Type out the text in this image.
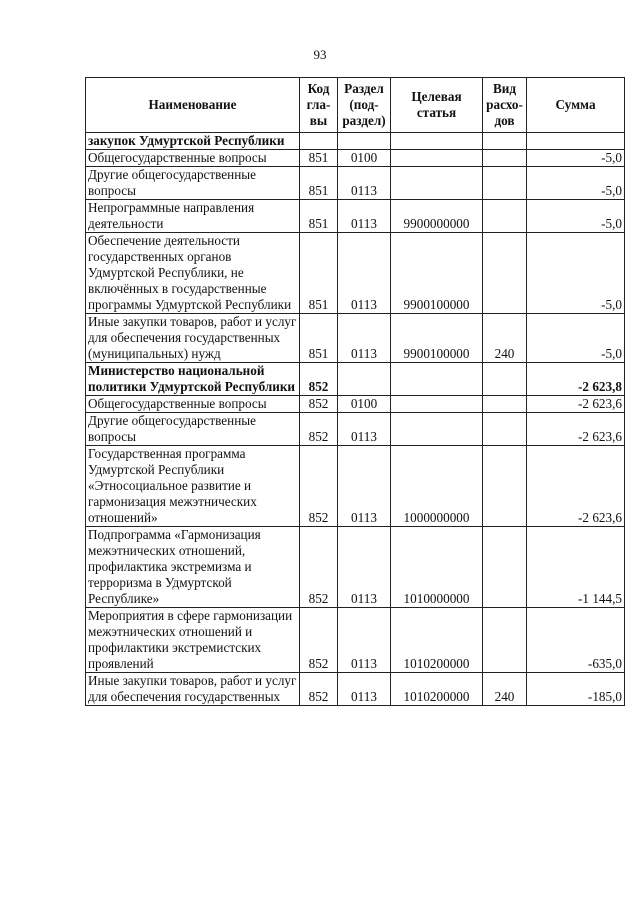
93
Наименование	Код гла-вы	Раздел (под-раздел)	Целевая статья	Вид расхо-дов	Сумма
закупок Удмуртской Республики					
Общегосударственные вопросы	851	0100			-5,0
Другие общегосударственные вопросы	851	0113			-5,0
Непрограммные направления деятельности	851	0113	9900000000		-5,0
Обеспечение деятельности государственных органов Удмуртской Республики, не включённых в государственные программы Удмуртской Республики	851	0113	9900100000		-5,0
Иные закупки товаров, работ и услуг для обеспечения государственных (муниципальных) нужд	851	0113	9900100000	240	-5,0
Министерство национальной политики Удмуртской Республики	852				-2 623,8
Общегосударственные вопросы	852	0100			-2 623,6
Другие общегосударственные вопросы	852	0113			-2 623,6
Государственная программа Удмуртской Республики «Этносоциальное развитие и гармонизация межэтнических отношений»	852	0113	1000000000		-2 623,6
Подпрограмма «Гармонизация межэтнических отношений, профилактика экстремизма и терроризма в Удмуртской Республике»	852	0113	1010000000		-1 144,5
Мероприятия в сфере гармонизации межэтнических отношений и профилактики экстремистских проявлений	852	0113	1010200000		-635,0
Иные закупки товаров, работ и услуг для обеспечения государственных	852	0113	1010200000	240	-185,0
